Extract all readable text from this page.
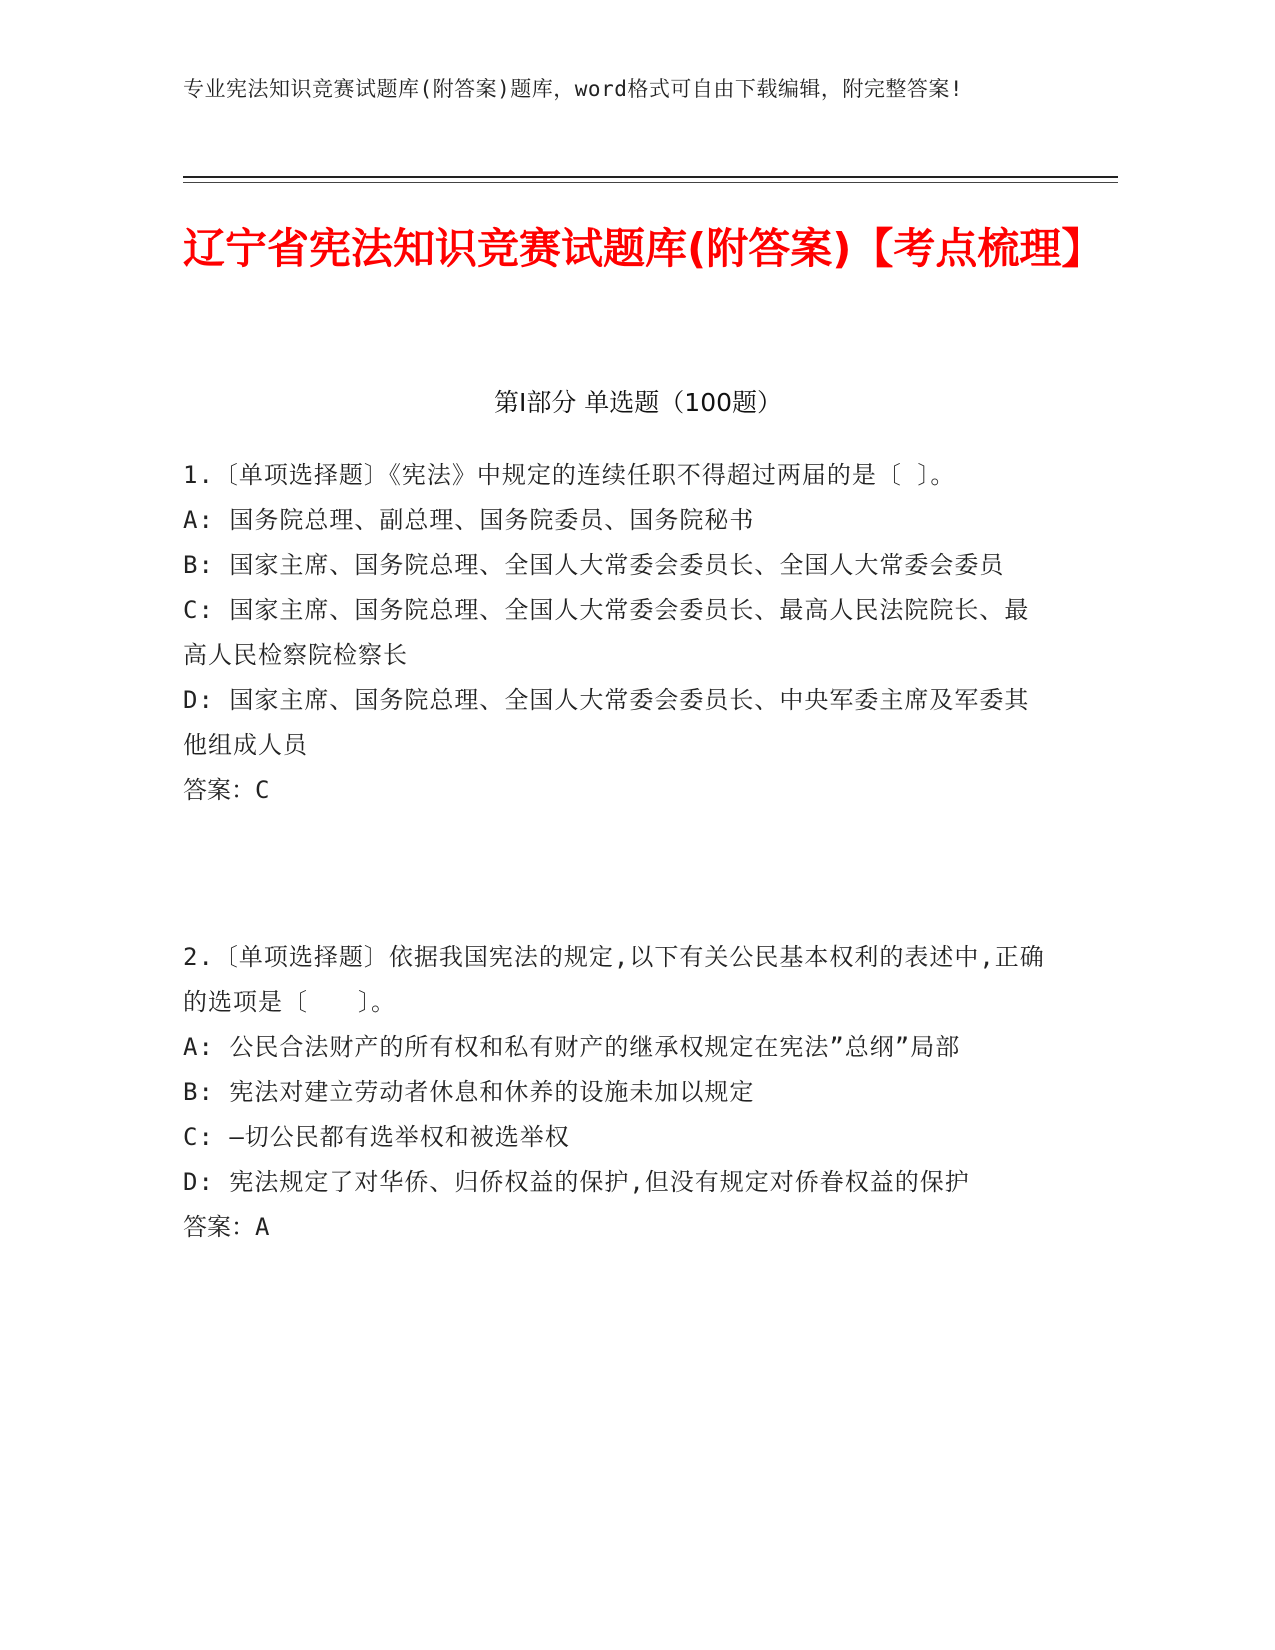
专业宪法知识竞赛试题库(附答案)题库，word格式可自由下载编辑，附完整答案!
辽宁省宪法知识竞赛试题库(附答案)【考点梳理】
第Ⅰ部分 单选题（100题）

1.〔单项选择题〕《宪法》中规定的连续任职不得超过两届的是〔 〕。

A: 国务院总理、副总理、国务院委员、国务院秘书

B: 国家主席、国务院总理、全国人大常委会委员长、全国人大常委会委员

C: 国家主席、国务院总理、全国人大常委会委员长、最高人民法院院长、最高人民检察院检察长

D: 国家主席、国务院总理、全国人大常委会委员长、中央军委主席及军委其他组成人员

答案：C

2.〔单项选择题〕依据我国宪法的规定,以下有关公民基本权利的表述中,正确的选项是〔　　〕。

A: 公民合法财产的所有权和私有财产的继承权规定在宪法”总纲”局部

B: 宪法对建立劳动者休息和休养的设施未加以规定

C: —切公民都有选举权和被选举权

D: 宪法规定了对华侨、归侨权益的保护,但没有规定对侨眷权益的保护

答案：A
